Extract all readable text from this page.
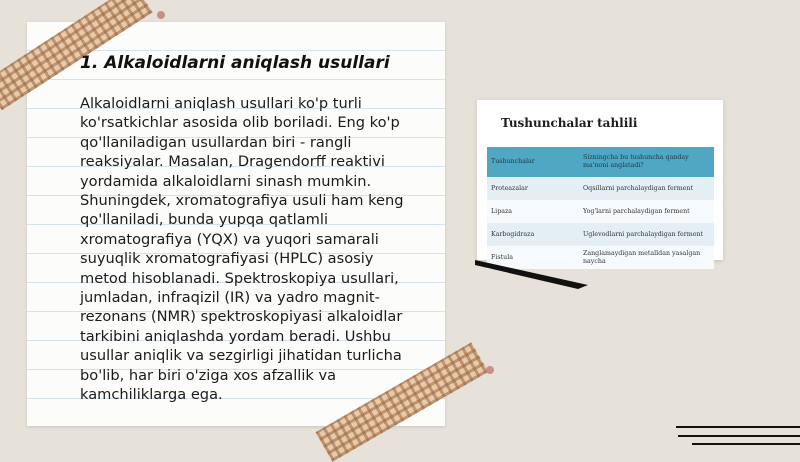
1. Alkaloidlarni aniqlash usullari

Alkaloidlarni aniqlash usullari ko'p turli ko'rsatkichlar asosida olib boriladi. Eng ko'p qo'llaniladigan usullardan biri - rangli reaksiyalar. Masalan, Dragendorff reaktivi yordamida alkaloidlarni sinash mumkin. Shuningdek, xromatografiya usuli ham keng qo'llaniladi, bunda yupqa qatlamli xromatografiya (YQX) va yuqori samarali suyuqlik xromatografiyasi (HPLC) asosiy metod hisoblanadi. Spektroskopiya usullari, jumladan, infraqizil (IR) va yadro magnit-rezonans (NMR) spektroskopiyasi alkaloidlar tarkibini aniqlashda yordam beradi. Ushbu usullar aniqlik va sezgirligi jihatidan turlicha bo'lib, har biri o'ziga xos afzallik va kamchiliklarga ega.

Tushunchalar tahlili
Tushunchalar	Sizningcha bu tushuncha qanday ma'noni anglatadi?
Proteazalar	Oqsillarni parchalaydigan ferment
Lipaza	Yog'larni parchalaydigan ferment
Karbogidraza	Uglevodlarni parchalaydigan ferment
Fistula	Zanglamaydigan metalldan yasalgan naycha
